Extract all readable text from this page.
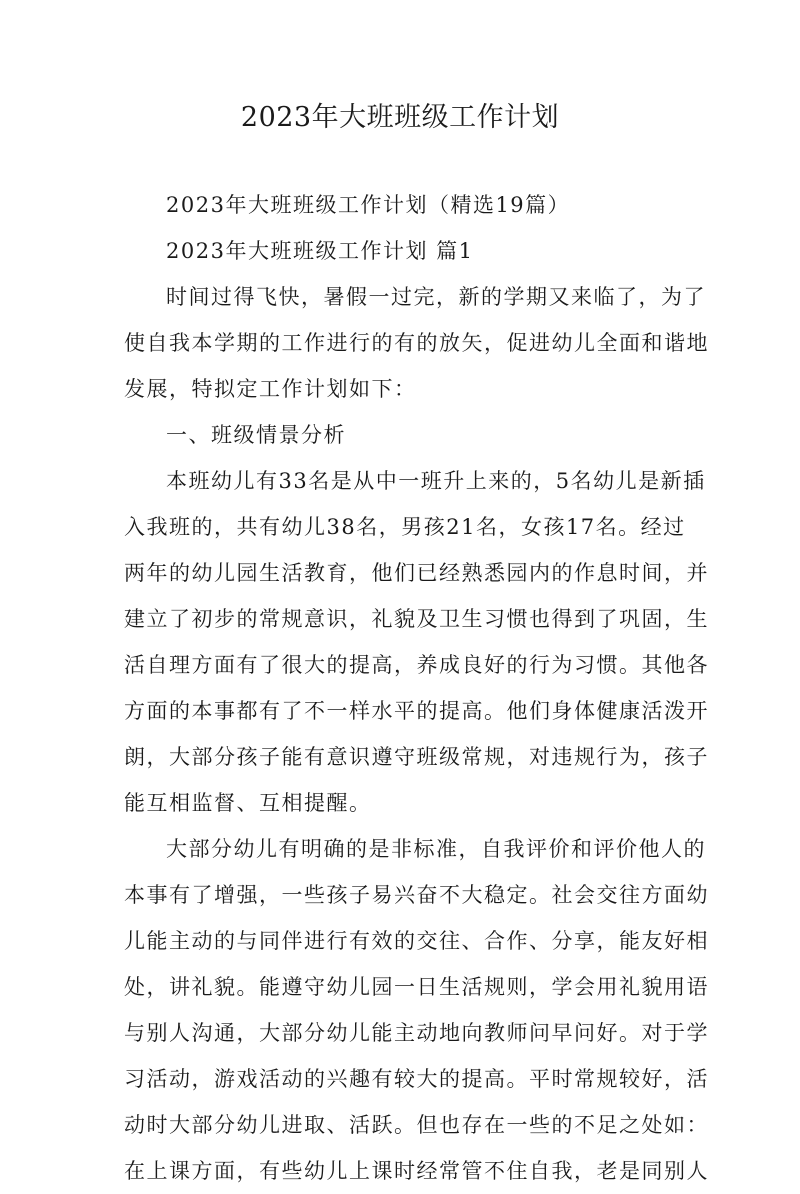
2023年大班班级工作计划
2023年大班班级工作计划（精选19篇）
2023年大班班级工作计划 篇1
时间过得飞快，暑假一过完，新的学期又来临了，为了
使自我本学期的工作进行的有的放矢，促进幼儿全面和谐地
发展，特拟定工作计划如下：
一、班级情景分析
本班幼儿有33名是从中一班升上来的，5名幼儿是新插
入我班的，共有幼儿38名，男孩21名，女孩17名。经过
两年的幼儿园生活教育，他们已经熟悉园内的作息时间，并
建立了初步的常规意识，礼貌及卫生习惯也得到了巩固，生
活自理方面有了很大的提高，养成良好的行为习惯。其他各
方面的本事都有了不一样水平的提高。他们身体健康活泼开
朗，大部分孩子能有意识遵守班级常规，对违规行为，孩子
能互相监督、互相提醒。
大部分幼儿有明确的是非标准，自我评价和评价他人的
本事有了增强，一些孩子易兴奋不大稳定。社会交往方面幼
儿能主动的与同伴进行有效的交往、合作、分享，能友好相
处，讲礼貌。能遵守幼儿园一日生活规则，学会用礼貌用语
与别人沟通，大部分幼儿能主动地向教师问早问好。对于学
习活动，游戏活动的兴趣有较大的提高。平时常规较好，活
动时大部分幼儿进取、活跃。但也存在一些的不足之处如：
在上课方面，有些幼儿上课时经常管不住自我，老是同别人
